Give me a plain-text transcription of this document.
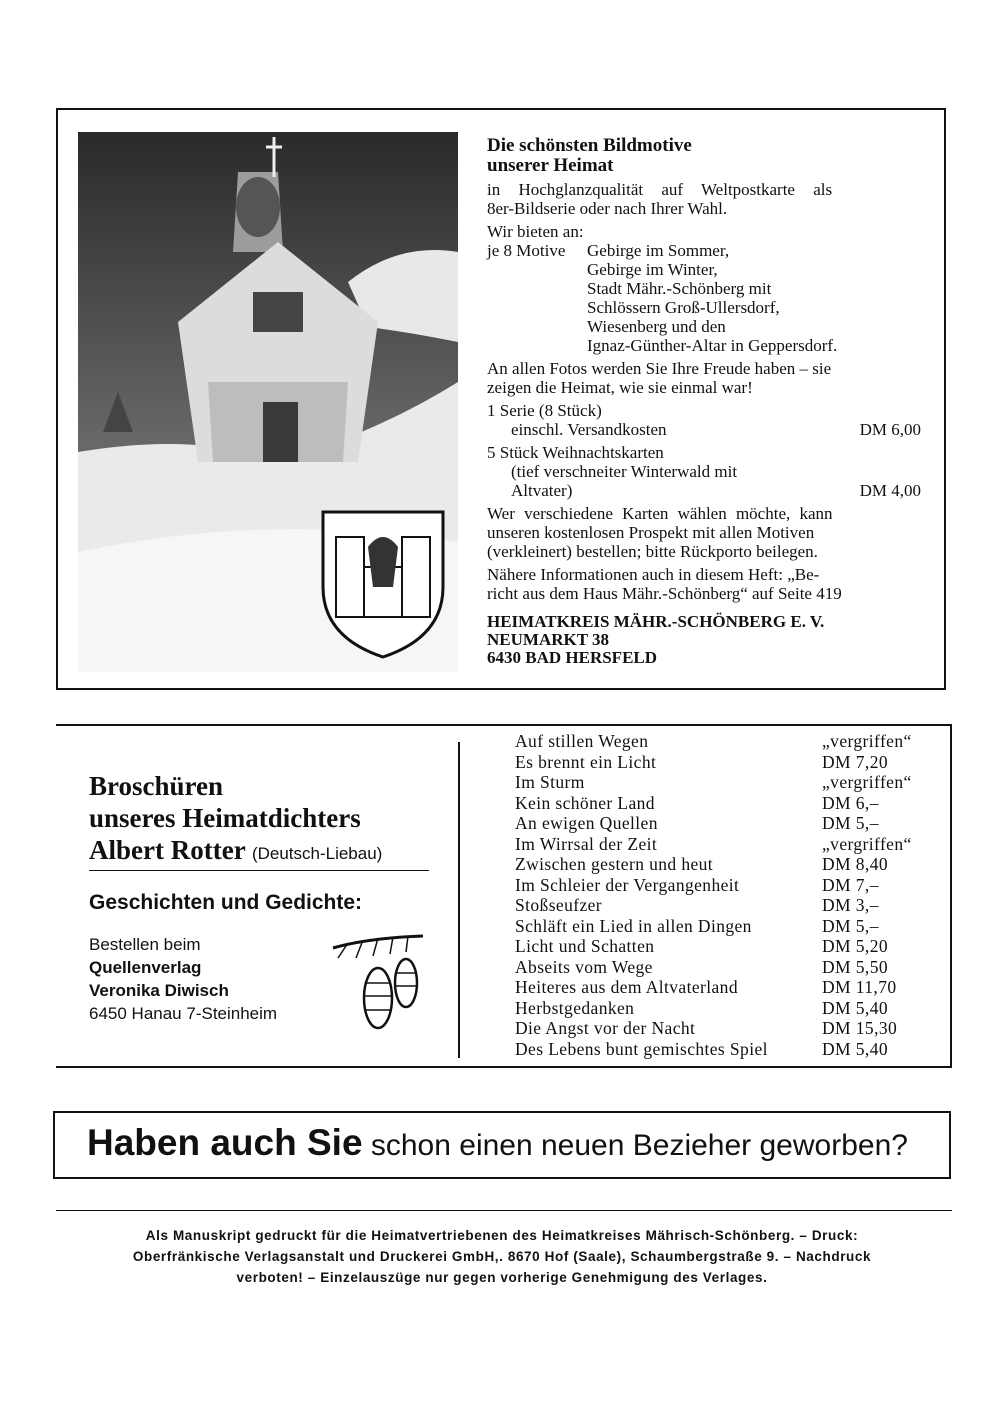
Die schönsten Bildmotive

unserer Heimat

in Hochglanzqualität auf Weltpostkarte als

8er-Bildserie oder nach Ihrer Wahl.

Wir bieten an:

je 8 Motive	Gebirge im Sommer,

Gebirge im Winter,

Stadt Mähr.-Schönberg mit

Schlössern Groß-Ullersdorf,

Wiesenberg und den

Ignaz-Günther-Altar in Geppersdorf.

An allen Fotos werden Sie Ihre Freude haben – sie

zeigen die Heimat, wie sie einmal war!

1 Serie (8 Stück)

einschl. Versandkosten	DM 6,00

5 Stück Weihnachtskarten

(tief verschneiter Winterwald mit

Altvater)	DM 4,00

Wer verschiedene Karten wählen möchte, kann

unseren kostenlosen Prospekt mit allen Motiven

(verkleinert) bestellen; bitte Rückporto beilegen.

Nähere Informationen auch in diesem Heft: „Be-

richt aus dem Haus Mähr.-Schönberg“ auf Seite 419

HEIMATKREIS MÄHR.-SCHÖNBERG E. V.
NEUMARKT 38
6430 BAD HERSFELD
Broschüren
unseres Heimatdichters
Albert Rotter (Deutsch-Liebau)
Geschichten und Gedichte:
Bestellen beim
Quellenverlag
Veronika Diwisch
6450 Hanau 7-Steinheim
Auf stillen Wegen	„vergriffen“
Es brennt ein Licht	DM 7,20
Im Sturm	„vergriffen“
Kein schöner Land	DM 6,–
An ewigen Quellen	DM 5,–
Im Wirrsal der Zeit	„vergriffen“
Zwischen gestern und heut	DM 8,40
Im Schleier der Vergangenheit	DM 7,–
Stoßseufzer	DM 3,–
Schläft ein Lied in allen Dingen	DM 5,–
Licht und Schatten	DM 5,20
Abseits vom Wege	DM 5,50
Heiteres aus dem Altvaterland	DM 11,70
Herbstgedanken	DM 5,40
Die Angst vor der Nacht	DM 15,30
Des Lebens bunt gemischtes Spiel	DM 5,40
Haben auch Sie schon einen neuen Bezieher geworben?
Als Manuskript gedruckt für die Heimatvertriebenen des Heimatkreises Mährisch-Schönberg. – Druck:
Oberfränkische Verlagsanstalt und Druckerei GmbH,. 8670 Hof (Saale), Schaumbergstraße 9. – Nachdruck
verboten! – Einzelauszüge nur gegen vorherige Genehmigung des Verlages.
